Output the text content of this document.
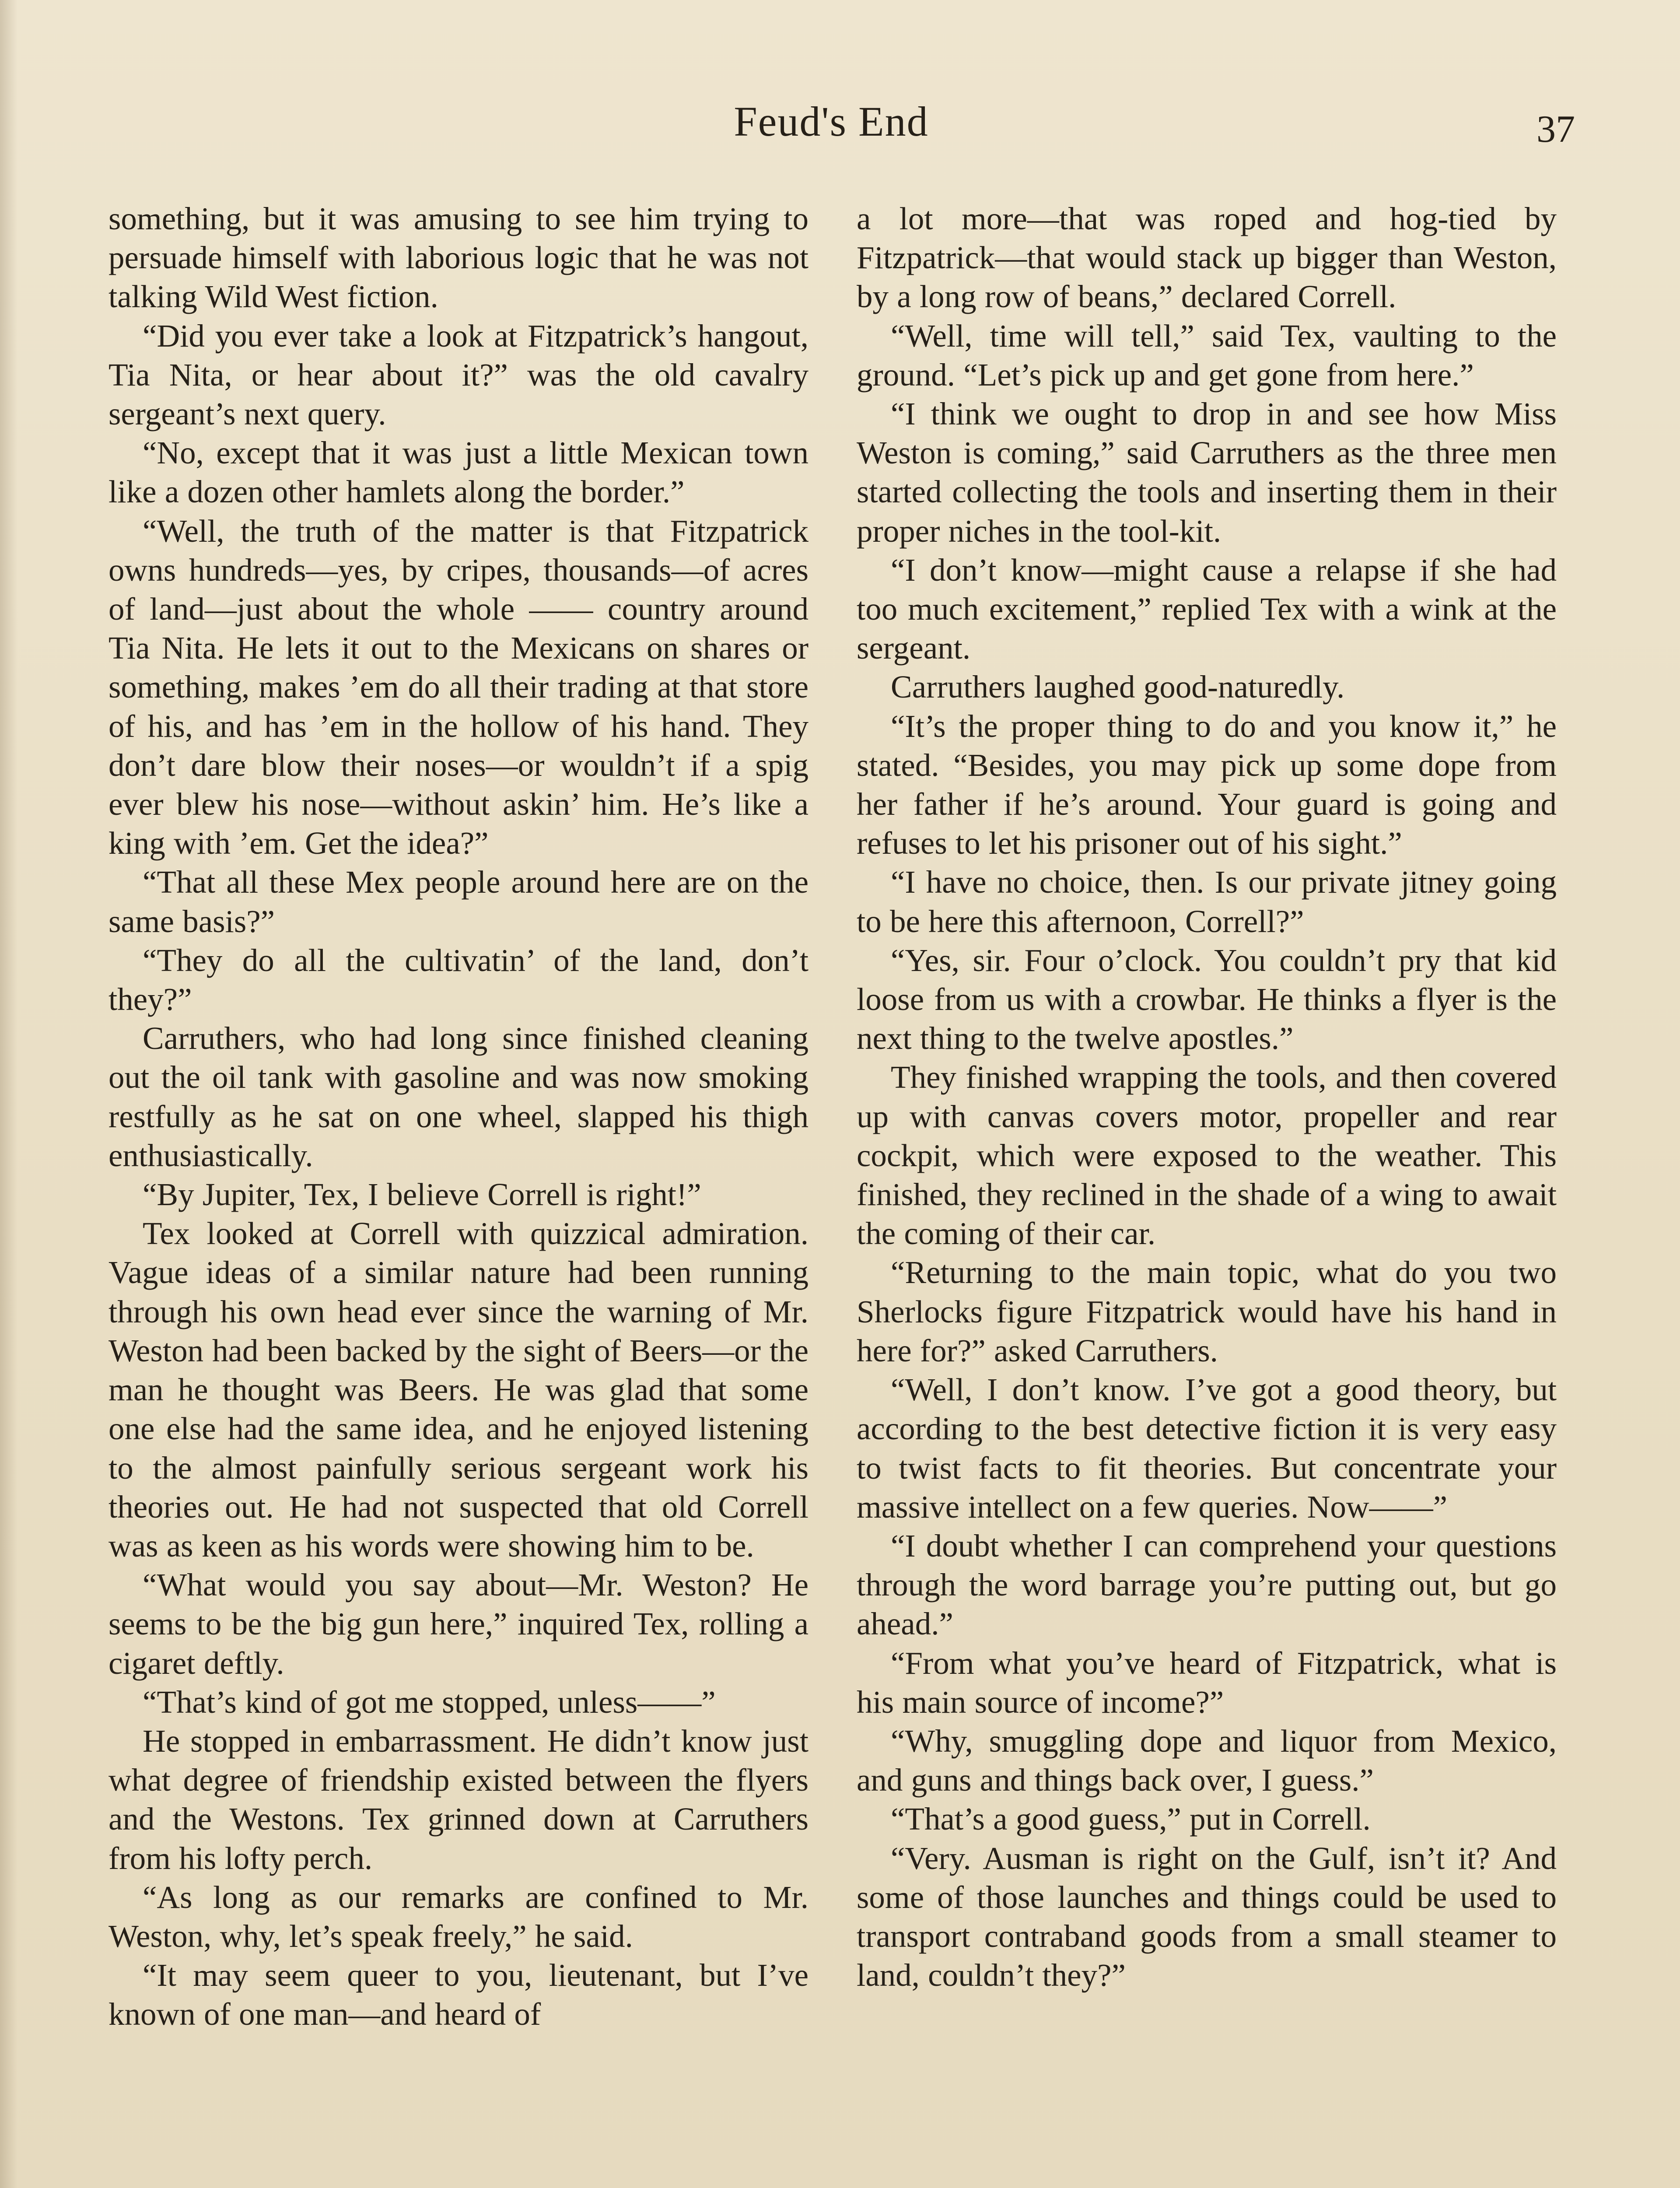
Feud's End	37

something, but it was amusing to see him trying to persuade himself with laborious logic that he was not talking Wild West fiction.

“Did you ever take a look at Fitzpatrick’s hangout, Tia Nita, or hear about it?” was the old cavalry sergeant’s next query.

“No, except that it was just a little Mexican town like a dozen other hamlets along the border.”

“Well, the truth of the matter is that Fitzpatrick owns hundreds—yes, by cripes, thousands—of acres of land—just about the whole —— country around Tia Nita. He lets it out to the Mexicans on shares or something, makes ’em do all their trading at that store of his, and has ’em in the hollow of his hand. They don’t dare blow their noses—or wouldn’t if a spig ever blew his nose—without askin’ him. He’s like a king with ’em. Get the idea?”

“That all these Mex people around here are on the same basis?”

“They do all the cultivatin’ of the land, don’t they?”

Carruthers, who had long since finished cleaning out the oil tank with gasoline and was now smoking restfully as he sat on one wheel, slapped his thigh enthusiastically.

“By Jupiter, Tex, I believe Correll is right!”

Tex looked at Correll with quizzical admiration. Vague ideas of a similar nature had been running through his own head ever since the warning of Mr. Weston had been backed by the sight of Beers—or the man he thought was Beers. He was glad that some one else had the same idea, and he enjoyed listening to the almost painfully serious sergeant work his theories out. He had not suspected that old Correll was as keen as his words were showing him to be.

“What would you say about—Mr. Weston? He seems to be the big gun here,” inquired Tex, rolling a cigaret deftly.

“That’s kind of got me stopped, unless——”

He stopped in embarrassment. He didn’t know just what degree of friendship existed between the flyers and the Westons. Tex grinned down at Carruthers from his lofty perch.

“As long as our remarks are confined to Mr. Weston, why, let’s speak freely,” he said.

“It may seem queer to you, lieutenant, but I’ve known of one man—and heard of

a lot more—that was roped and hog-tied by Fitzpatrick—that would stack up bigger than Weston, by a long row of beans,” declared Correll.

“Well, time will tell,” said Tex, vaulting to the ground. “Let’s pick up and get gone from here.”

“I think we ought to drop in and see how Miss Weston is coming,” said Carruthers as the three men started collecting the tools and inserting them in their proper niches in the tool-kit.

“I don’t know—might cause a relapse if she had too much excitement,” replied Tex with a wink at the sergeant.

Carruthers laughed good-naturedly.

“It’s the proper thing to do and you know it,” he stated. “Besides, you may pick up some dope from her father if he’s around. Your guard is going and refuses to let his prisoner out of his sight.”

“I have no choice, then. Is our private jitney going to be here this afternoon, Correll?”

“Yes, sir. Four o’clock. You couldn’t pry that kid loose from us with a crowbar. He thinks a flyer is the next thing to the twelve apostles.”

They finished wrapping the tools, and then covered up with canvas covers motor, propeller and rear cockpit, which were exposed to the weather. This finished, they reclined in the shade of a wing to await the coming of their car.

“Returning to the main topic, what do you two Sherlocks figure Fitzpatrick would have his hand in here for?” asked Carruthers.

“Well, I don’t know. I’ve got a good theory, but according to the best detective fiction it is very easy to twist facts to fit theories. But concentrate your massive intellect on a few queries. Now——”

“I doubt whether I can comprehend your questions through the word barrage you’re putting out, but go ahead.”

“From what you’ve heard of Fitzpatrick, what is his main source of income?”

“Why, smuggling dope and liquor from Mexico, and guns and things back over, I guess.”

“That’s a good guess,” put in Correll.

“Very. Ausman is right on the Gulf, isn’t it? And some of those launches and things could be used to transport contraband goods from a small steamer to land, couldn’t they?”
